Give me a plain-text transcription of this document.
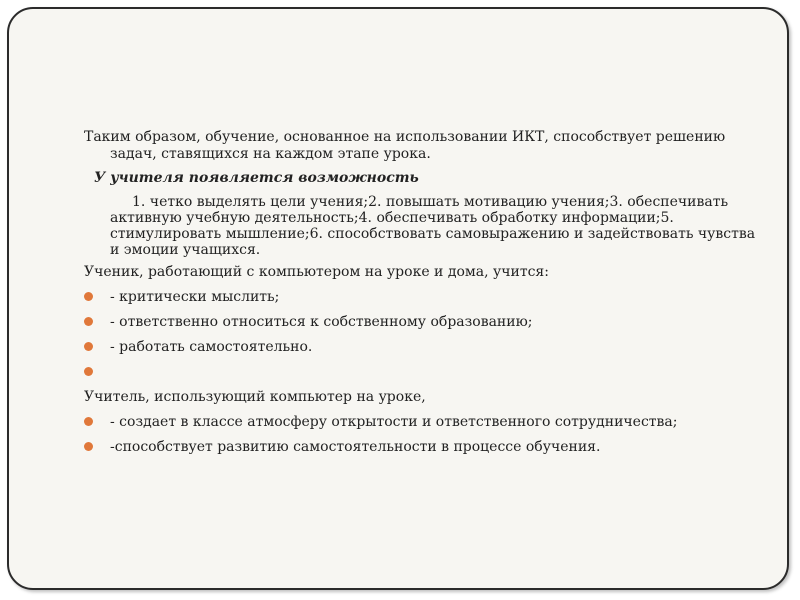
Таким образом, обучение, основанное на использовании ИКТ, способствует решению задач, ставящихся на каждом этапе урока.

У учителя появляется возможность

1. четко выделять цели учения;2. повышать мотивацию учения;3. обеспечивать активную учебную деятельность;4. обеспечивать обработку информации;5. стимулировать мышление;6. способствовать самовыражению и задействовать чувства и эмоции учащихся.

Ученик, работающий с компьютером на уроке и дома, учится:

- критически мыслить;
- ответственно относиться к собственному образованию;
- работать самостоятельно.

Учитель, использующий компьютер на уроке,

- создает в классе атмосферу открытости и ответственного сотрудничества;
-способствует развитию самостоятельности в процессе обучения.
